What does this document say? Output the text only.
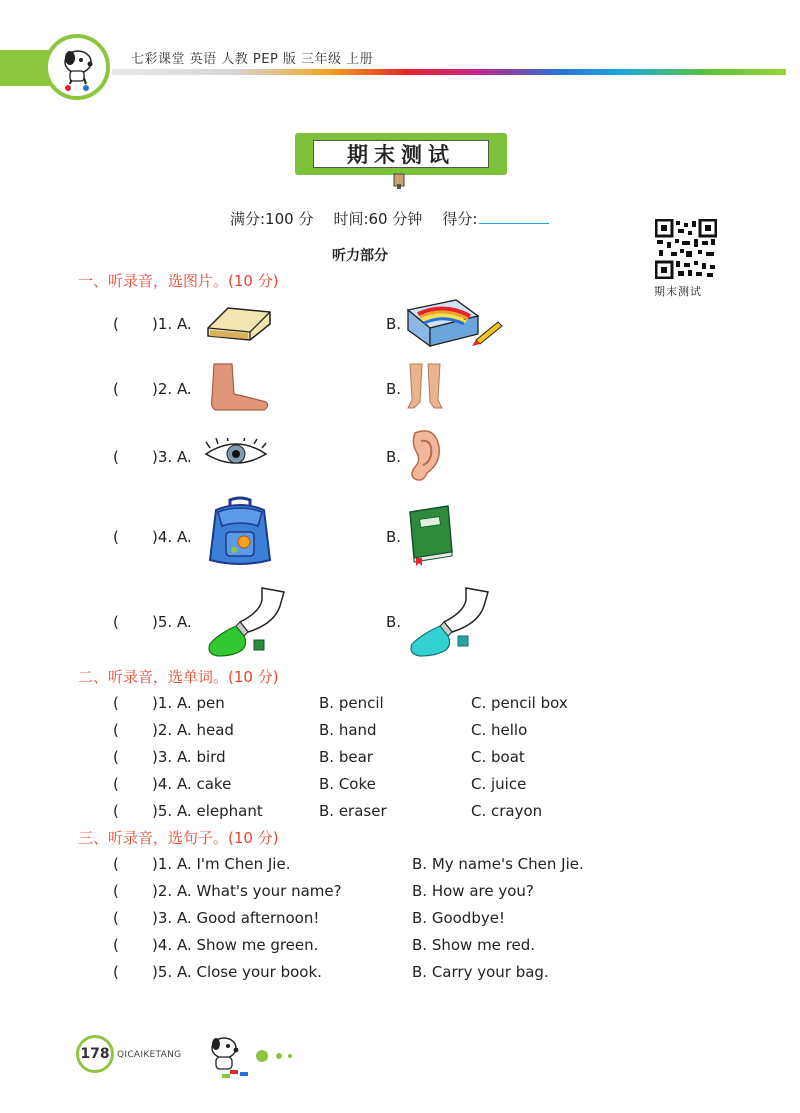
七彩课堂 英语 人教 PEP 版 三年级 上册
期末测试
满分:100 分 时间:60 分钟 得分:
期末测试
听力部分
一、听录音，选图片。(10 分)
( )1. A.	B.
( )2. A.	B.
( )3. A.	B.
( )4. A.	B.
( )5. A.	B.
二、听录音，选单词。(10 分)
( )1. A. pen	B. pencil	C. pencil box
( )2. A. head	B. hand	C. hello
( )3. A. bird	B. bear	C. boat
( )4. A. cake	B. Coke	C. juice
( )5. A. elephant	B. eraser	C. crayon
三、听录音，选句子。(10 分)
( )1. A. I'm Chen Jie.	B. My name's Chen Jie.
( )2. A. What's your name?	B. How are you?
( )3. A. Good afternoon!	B. Goodbye!
( )4. A. Show me green.	B. Show me red.
( )5. A. Close your book.	B. Carry your bag.
178 QICAIKETANG
